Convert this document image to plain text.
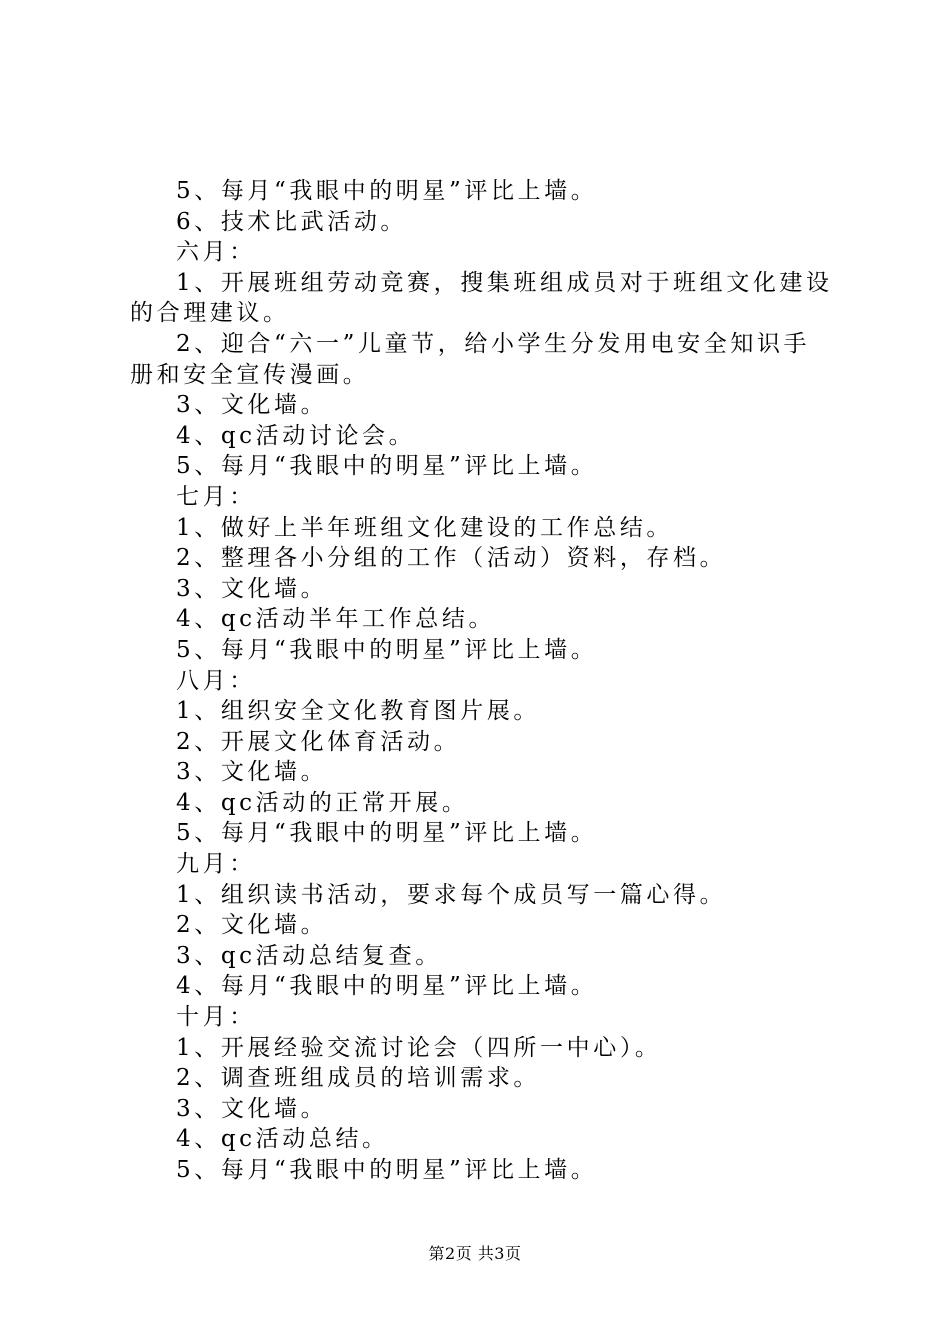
5、每月“我眼中的明星”评比上墙。
6、技术比武活动。
六月：
1、开展班组劳动竞赛，搜集班组成员对于班组文化建设的合理建议。
2、迎合“六一”儿童节，给小学生分发用电安全知识手册和安全宣传漫画。
3、文化墙。
4、qc活动讨论会。
5、每月“我眼中的明星”评比上墙。
七月：
1、做好上半年班组文化建设的工作总结。
2、整理各小分组的工作（活动）资料，存档。
3、文化墙。
4、qc活动半年工作总结。
5、每月“我眼中的明星”评比上墙。
八月：
1、组织安全文化教育图片展。
2、开展文化体育活动。
3、文化墙。
4、qc活动的正常开展。
5、每月“我眼中的明星”评比上墙。
九月：
1、组织读书活动，要求每个成员写一篇心得。
2、文化墙。
3、qc活动总结复查。
4、每月“我眼中的明星”评比上墙。
十月：
1、开展经验交流讨论会（四所一中心）。
2、调查班组成员的培训需求。
3、文化墙。
4、qc活动总结。
5、每月“我眼中的明星”评比上墙。
第2页 共3页
